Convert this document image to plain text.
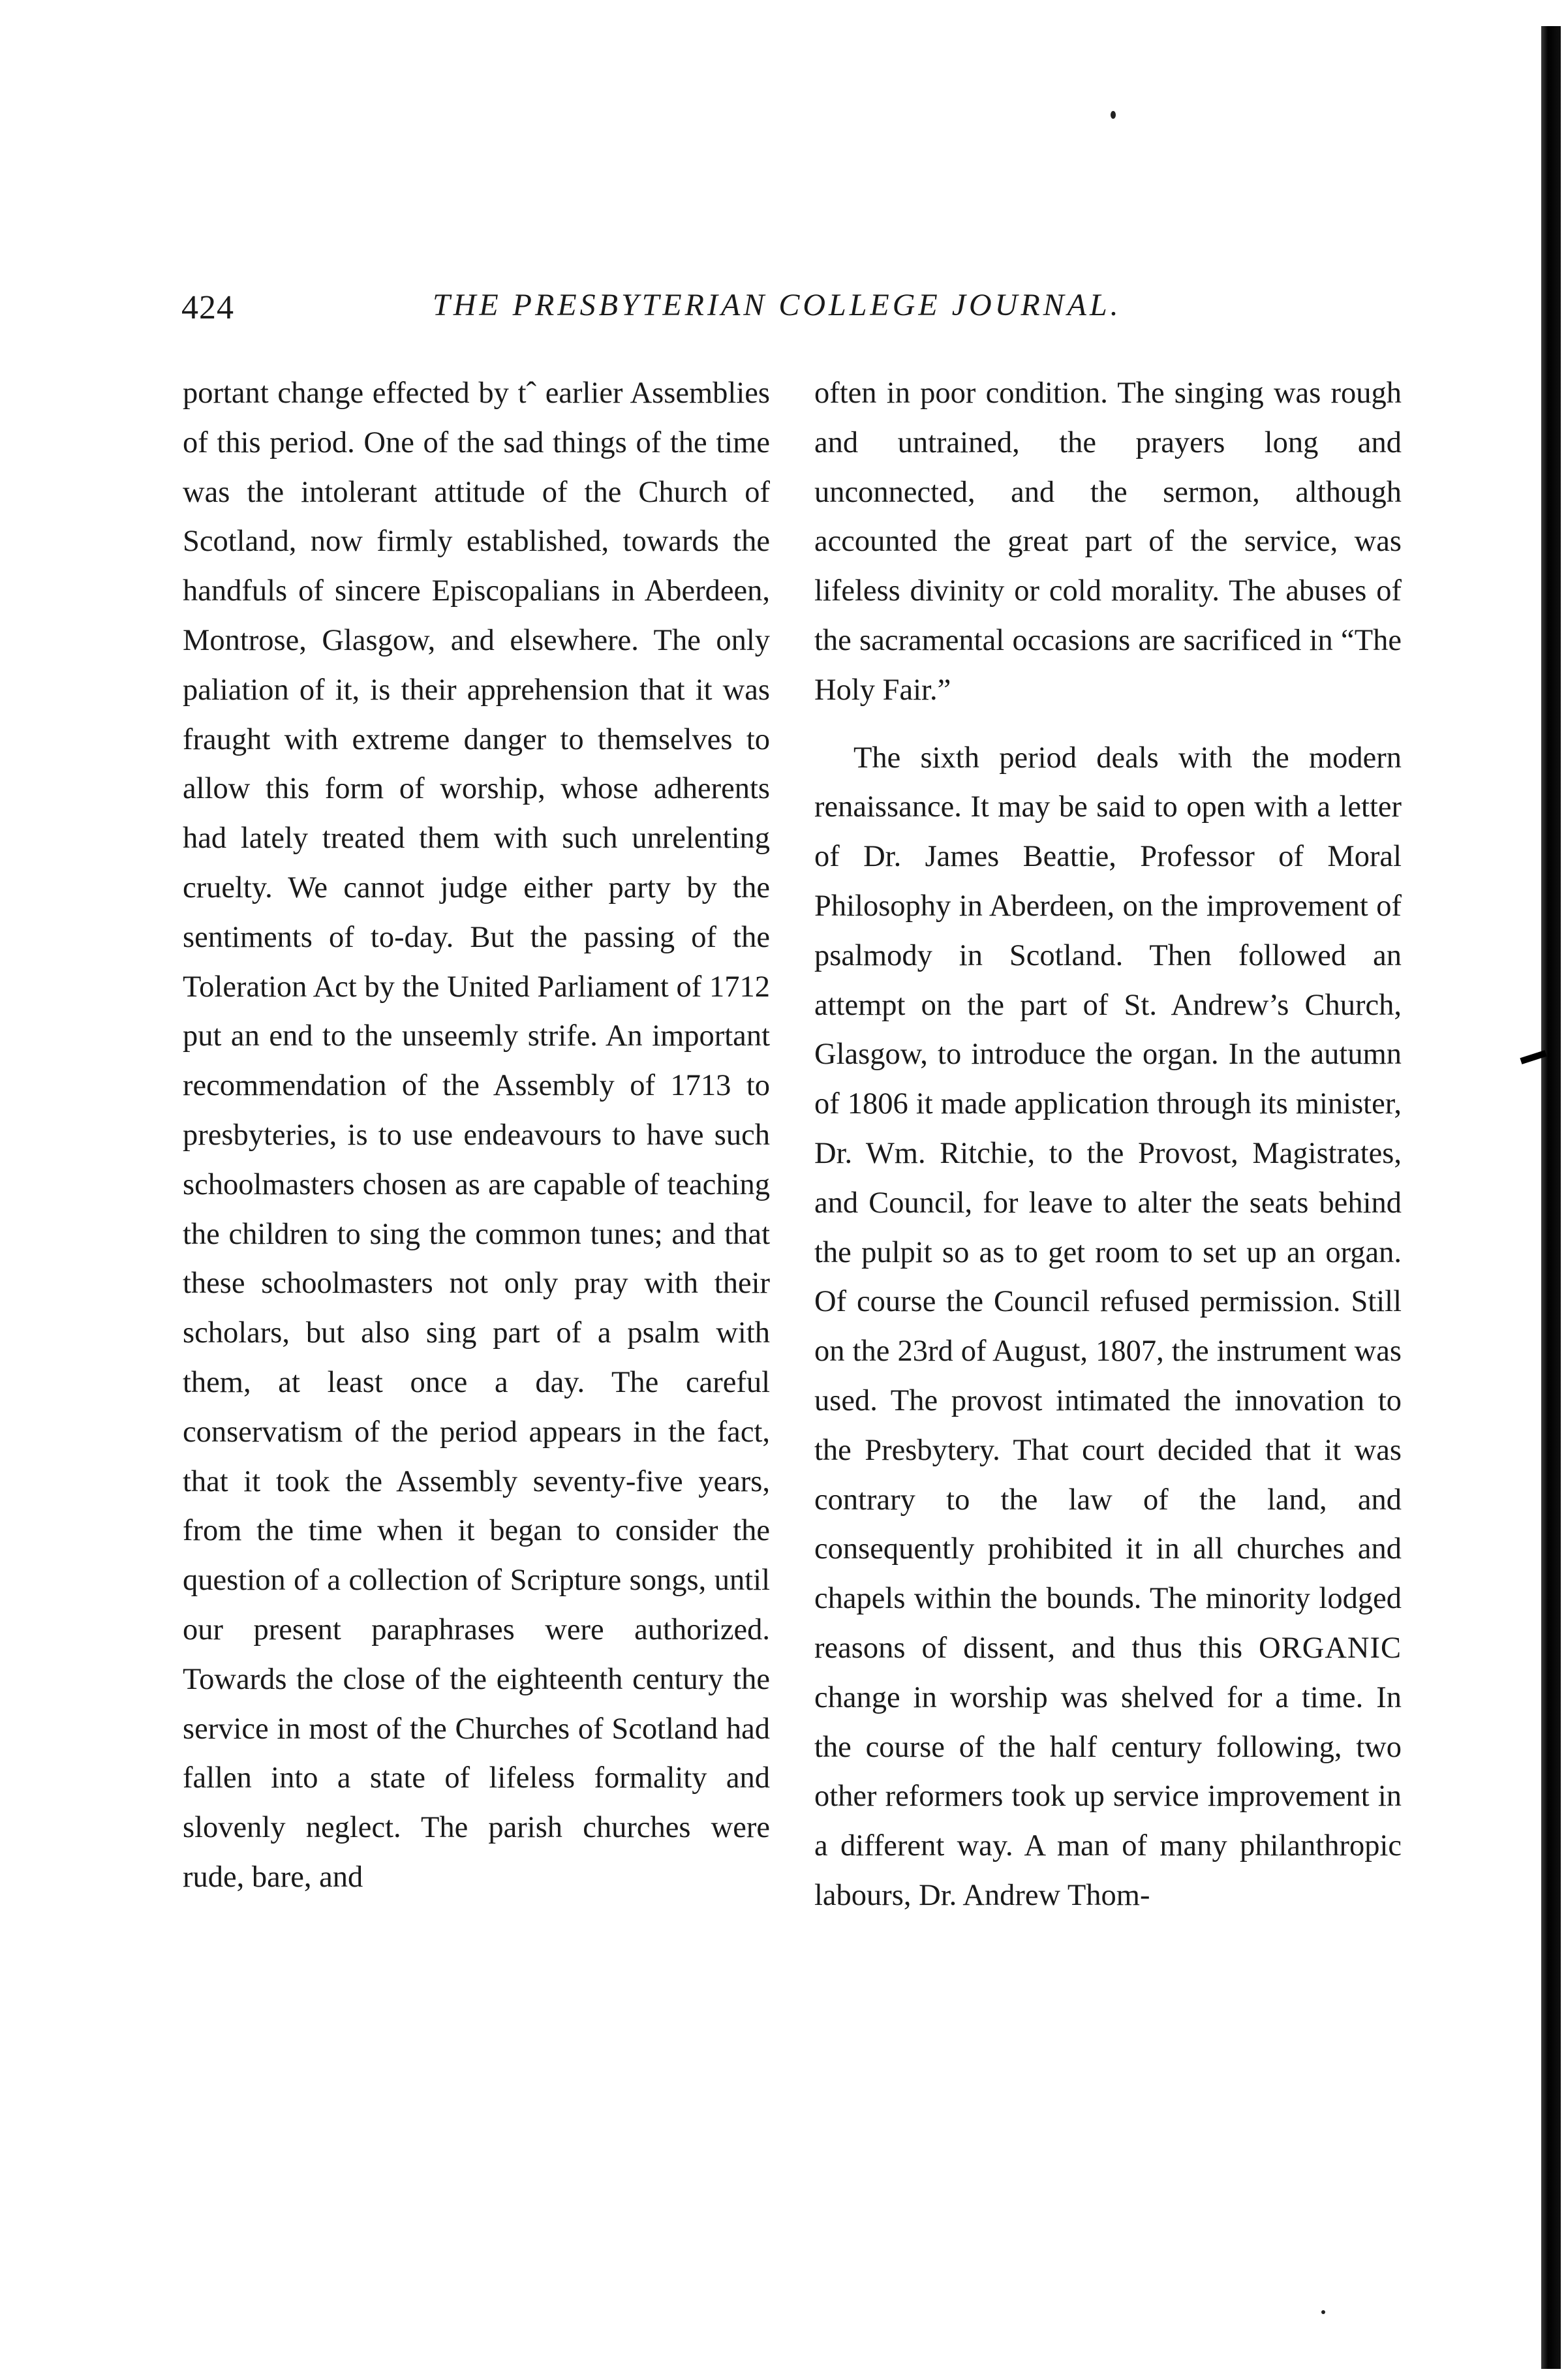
424	THE PRESBYTERIAN COLLEGE JOURNAL.

portant change effected by tˆ earlier Assemblies of this period. One of the sad things of the time was the intolerant attitude of the Church of Scotland, now firmly established, towards the handfuls of sincere Episcopalians in Aberdeen, Montrose, Glasgow, and elsewhere. The only paliation of it, is their apprehension that it was fraught with extreme danger to themselves to allow this form of worship, whose adherents had lately treated them with such unrelenting cruelty. We cannot judge either party by the sentiments of to-day. But the passing of the Toleration Act by the United Parliament of 1712 put an end to the unseemly strife. An important recommendation of the Assembly of 1713 to presbyteries, is to use endeavours to have such schoolmasters chosen as are capable of teaching the children to sing the common tunes; and that these schoolmasters not only pray with their scholars, but also sing part of a psalm with them, at least once a day. The careful conservatism of the period appears in the fact, that it took the Assembly seventy-five years, from the time when it began to consider the question of a collection of Scripture songs, until our present paraphrases were authorized. Towards the close of the eighteenth century the service in most of the Churches of Scotland had fallen into a state of lifeless formality and slovenly neglect. The parish churches were rude, bare, and

often in poor condition. The singing was rough and untrained, the prayers long and unconnected, and the sermon, although accounted the great part of the service, was lifeless divinity or cold morality. The abuses of the sacramental occasions are sacrificed in “The Holy Fair.”

The sixth period deals with the modern renaissance. It may be said to open with a letter of Dr. James Beattie, Professor of Moral Philosophy in Aberdeen, on the improvement of psalmody in Scotland. Then followed an attempt on the part of St. Andrew’s Church, Glasgow, to introduce the organ. In the autumn of 1806 it made application through its minister, Dr. Wm. Ritchie, to the Provost, Magistrates, and Council, for leave to alter the seats behind the pulpit so as to get room to set up an organ. Of course the Council refused permission. Still on the 23rd of August, 1807, the instrument was used. The provost intimated the innovation to the Presbytery. That court decided that it was contrary to the law of the land, and consequently prohibited it in all churches and chapels within the bounds. The minority lodged reasons of dissent, and thus this ORGANIC change in worship was shelved for a time. In the course of the half century following, two other reformers took up service improvement in a different way. A man of many philanthropic labours, Dr. Andrew Thom-
